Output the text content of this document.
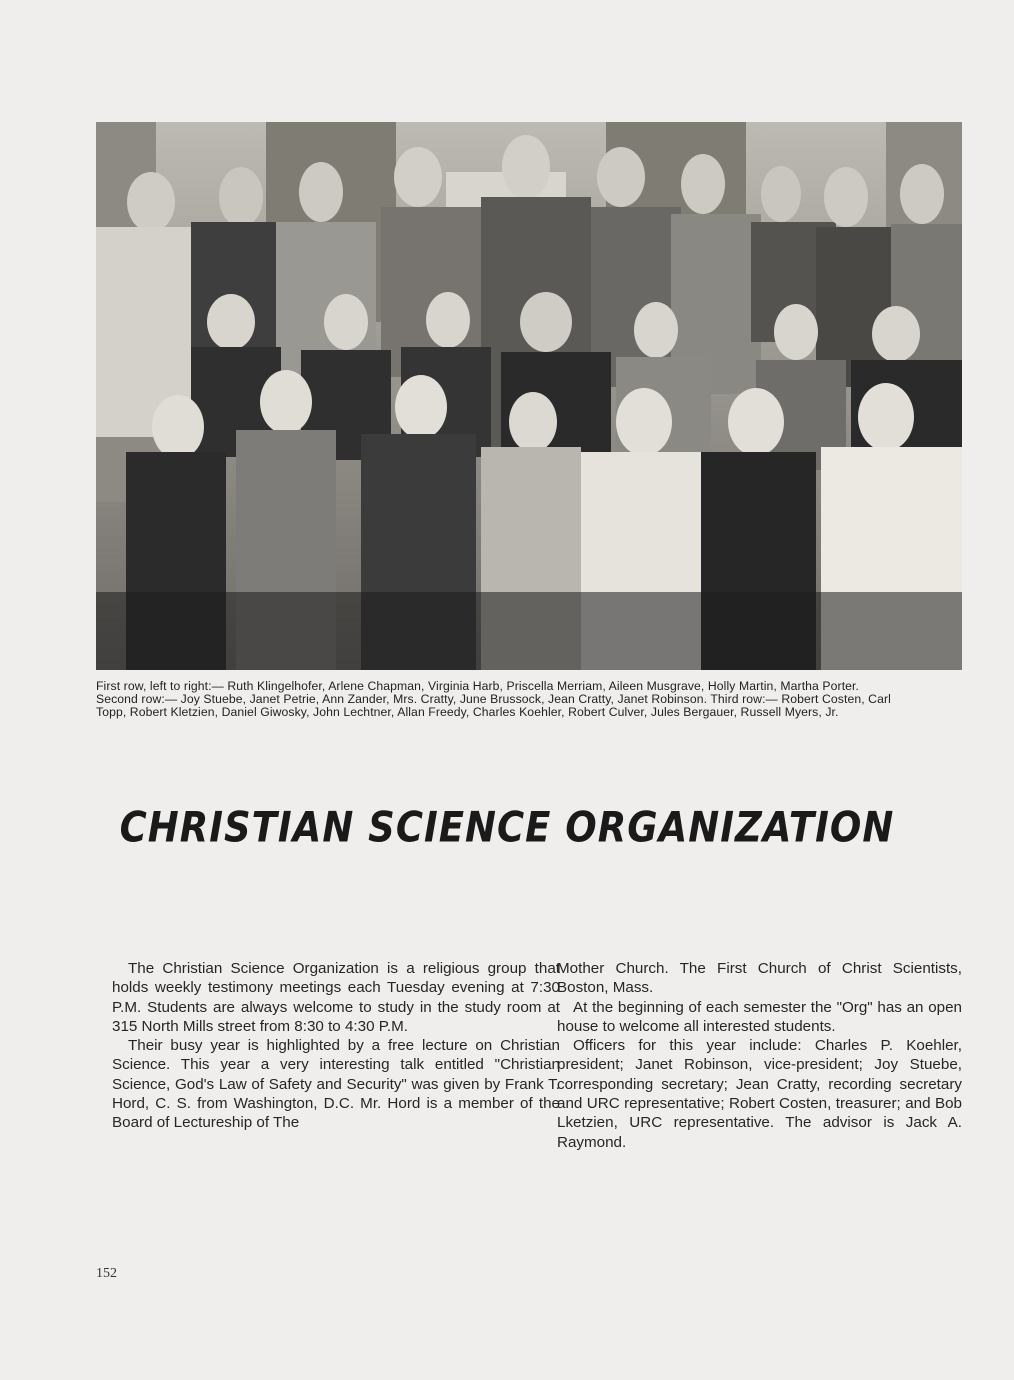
First row, left to right:— Ruth Klingelhofer, Arlene Chapman, Virginia Harb, Priscella Merriam, Aileen Musgrave, Holly Martin, Martha Porter.
Second row:— Joy Stuebe, Janet Petrie, Ann Zander, Mrs. Cratty, June Brussock, Jean Cratty, Janet Robinson. Third row:— Robert Costen, Carl
Topp, Robert Kletzien, Daniel Giwosky, John Lechtner, Allan Freedy, Charles Koehler, Robert Culver, Jules Bergauer, Russell Myers, Jr.
CHRISTIAN SCIENCE ORGANIZATION

The Christian Science Organization is a religious group that holds weekly testimony meetings each Tuesday evening at 7:30 P.M. Students are always welcome to study in the study room at 315 North Mills street from 8:30 to 4:30 P.M.

Their busy year is highlighted by a free lecture on Christian Science. This year a very interesting talk entitled "Christian Science, God's Law of Safety and Security" was given by Frank T. Hord, C. S. from Washington, D.C. Mr. Hord is a member of the Board of Lectureship of The

Mother Church. The First Church of Christ Scientists, Boston, Mass.

At the beginning of each semester the "Org" has an open house to welcome all interested students.

Officers for this year include: Charles P. Koehler, president; Janet Robinson, vice-president; Joy Stuebe, corresponding secretary; Jean Cratty, recording secretary and URC representative; Robert Costen, treasurer; and Bob Lketzien, URC representative. The advisor is Jack A. Raymond.

152
